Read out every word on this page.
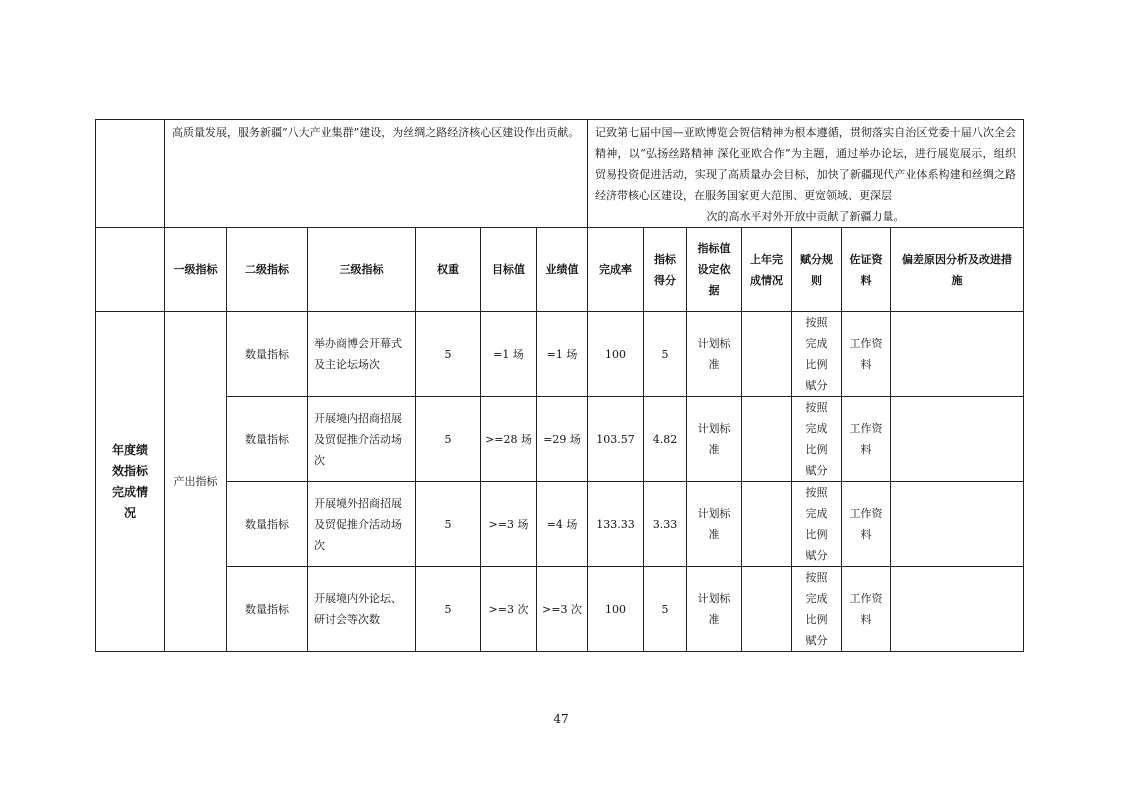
	高质量发展，服务新疆“八大产业集群”建设，为丝绸之路经济核心区建设作出贡献。						记致第七届中国—亚欧博览会贺信精神为根本遵循，贯彻落实自治区党委十届八次全会精神，以“弘扬丝路精神 深化亚欧合作”为主题，通过举办论坛，进行展览展示，组织贸易投资促进活动，实现了高质量办会目标，加快了新疆现代产业体系构建和丝绸之路经济带核心区建设，在服务国家更大范围、更宽领域、更深层
次的高水平对外开放中贡献了新疆力量。						

	一级指标	二级指标	三级指标	权重	目标值	业绩值	完成率	指标得分	指标值设定依据	上年完成情况	赋分规则	佐证资料	偏差原因分析及改进措施
年度绩效指标完成情况	产出指标	数量指标	举办商博会开幕式及主论坛场次	5	=1 场	=1 场	100	5	计划标准		按照完成比例赋分	工作资料	
		数量指标	开展境内招商招展及贸促推介活动场次	5	>=28 场	=29 场	103.57	4.82	计划标准		按照完成比例赋分	工作资料	
		数量指标	开展境外招商招展及贸促推介活动场次	5	>=3 场	=4 场	133.33	3.33	计划标准		按照完成比例赋分	工作资料	
		数量指标	开展境内外论坛、研讨会等次数	5	>=3 次	>=3 次	100	5	计划标准		按照完成比例赋分	工作资料	
47
